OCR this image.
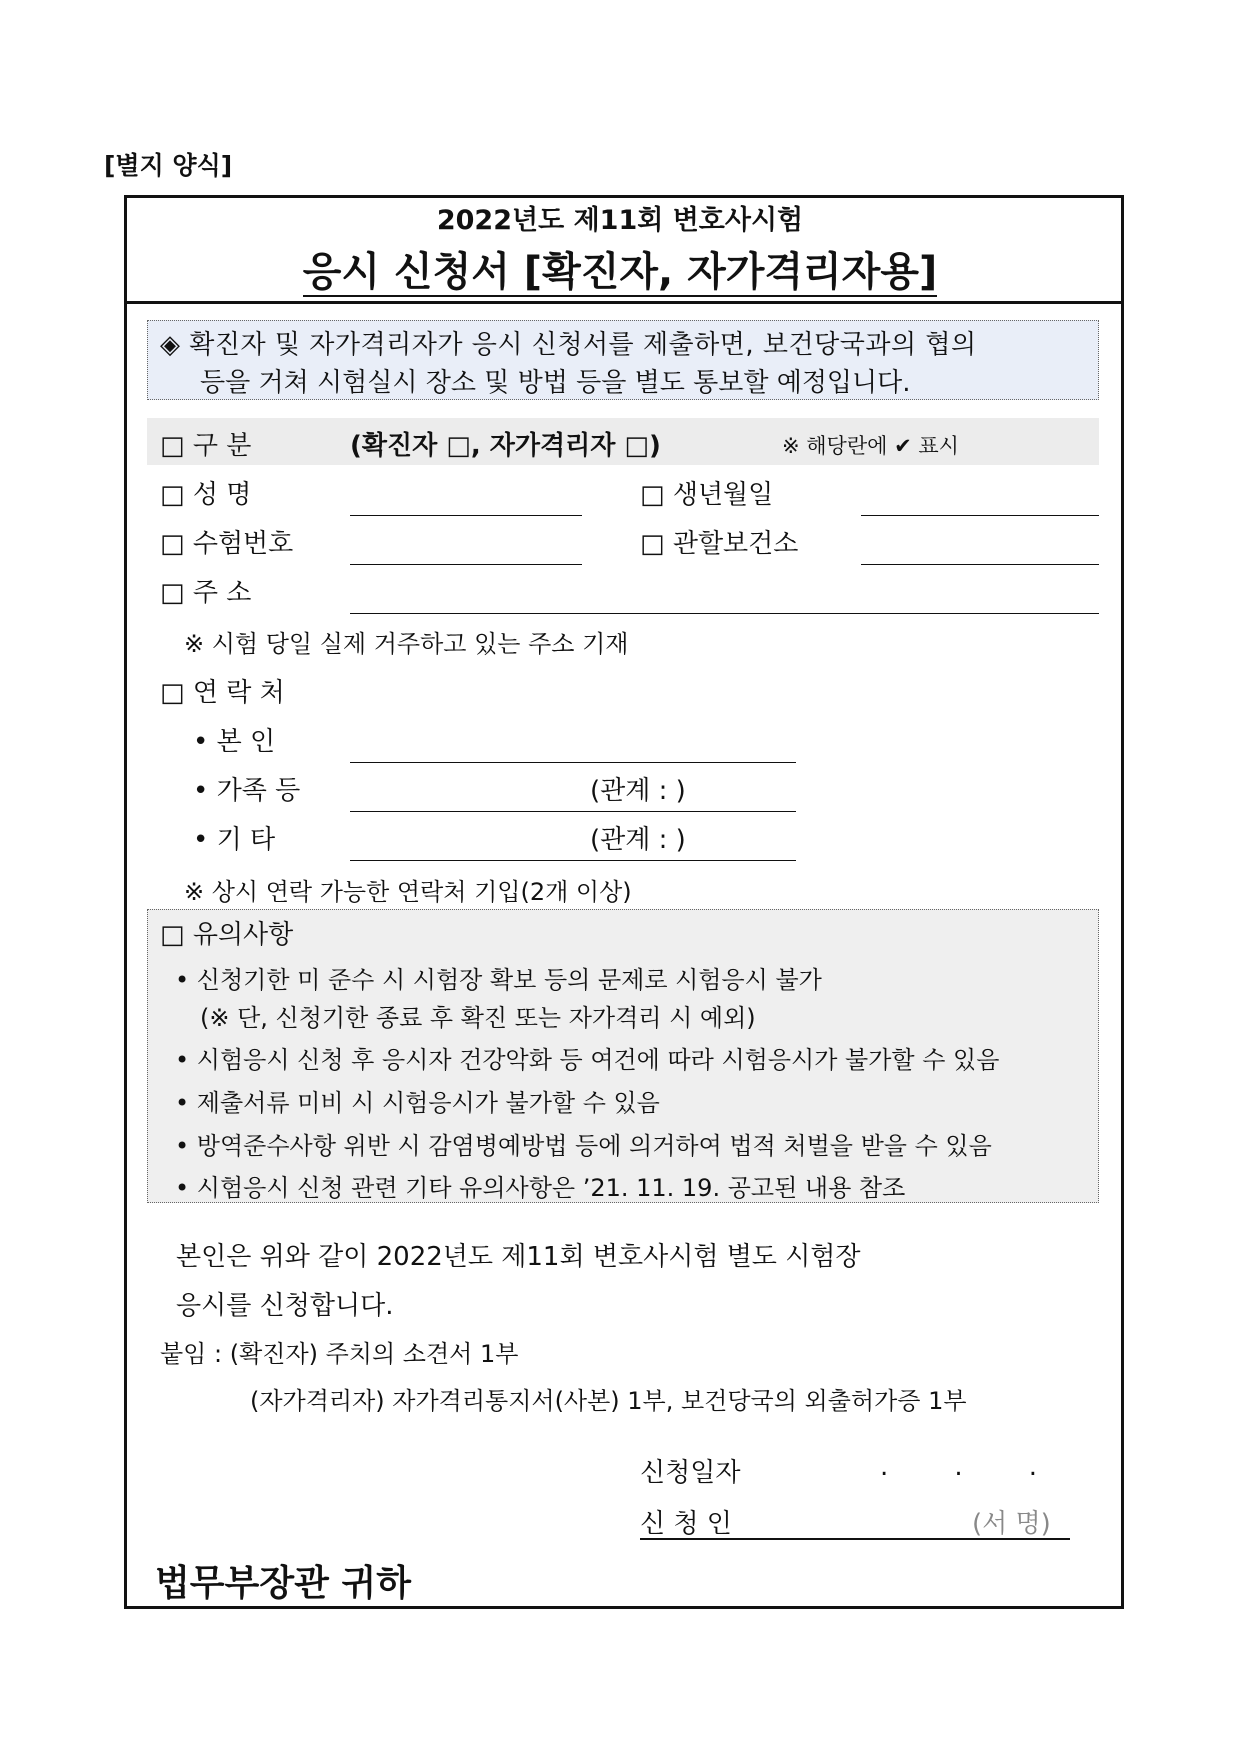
[별지 양식]
2022년도 제11회 변호사시험
응시 신청서 [확진자, 자가격리자용]
◈ 확진자 및 자가격리자가 응시 신청서를 제출하면, 보건당국과의 협의
등을 거쳐 시험실시 장소 및 방법 등을 별도 통보할 예정입니다.
□ 구 분	(확진자 □, 자가격리자 □)	※ 해당란에 ✔ 표시
□ 성 명	□ 생년월일
□ 수험번호	□ 관할보건소
□ 주 소
※ 시험 당일 실제 거주하고 있는 주소 기재
□ 연 락 처
• 본 인
• 가족 등	(관계 : )
• 기 타	(관계 : )
※ 상시 연락 가능한 연락처 기입(2개 이상)
□ 유의사항
• 신청기한 미 준수 시 시험장 확보 등의 문제로 시험응시 불가
(※ 단, 신청기한 종료 후 확진 또는 자가격리 시 예외)
• 시험응시 신청 후 응시자 건강악화 등 여건에 따라 시험응시가 불가할 수 있음
• 제출서류 미비 시 시험응시가 불가할 수 있음
• 방역준수사항 위반 시 감염병예방법 등에 의거하여 법적 처벌을 받을 수 있음
• 시험응시 신청 관련 기타 유의사항은 ’21. 11. 19. 공고된 내용 참조
본인은 위와 같이 2022년도 제11회 변호사시험 별도 시험장
응시를 신청합니다.
붙임 : (확진자) 주치의 소견서 1부
(자가격리자) 자가격리통지서(사본) 1부, 보건당국의 외출허가증 1부
신청일자	.        .        .
신 청 인	(서 명)
법무부장관 귀하
